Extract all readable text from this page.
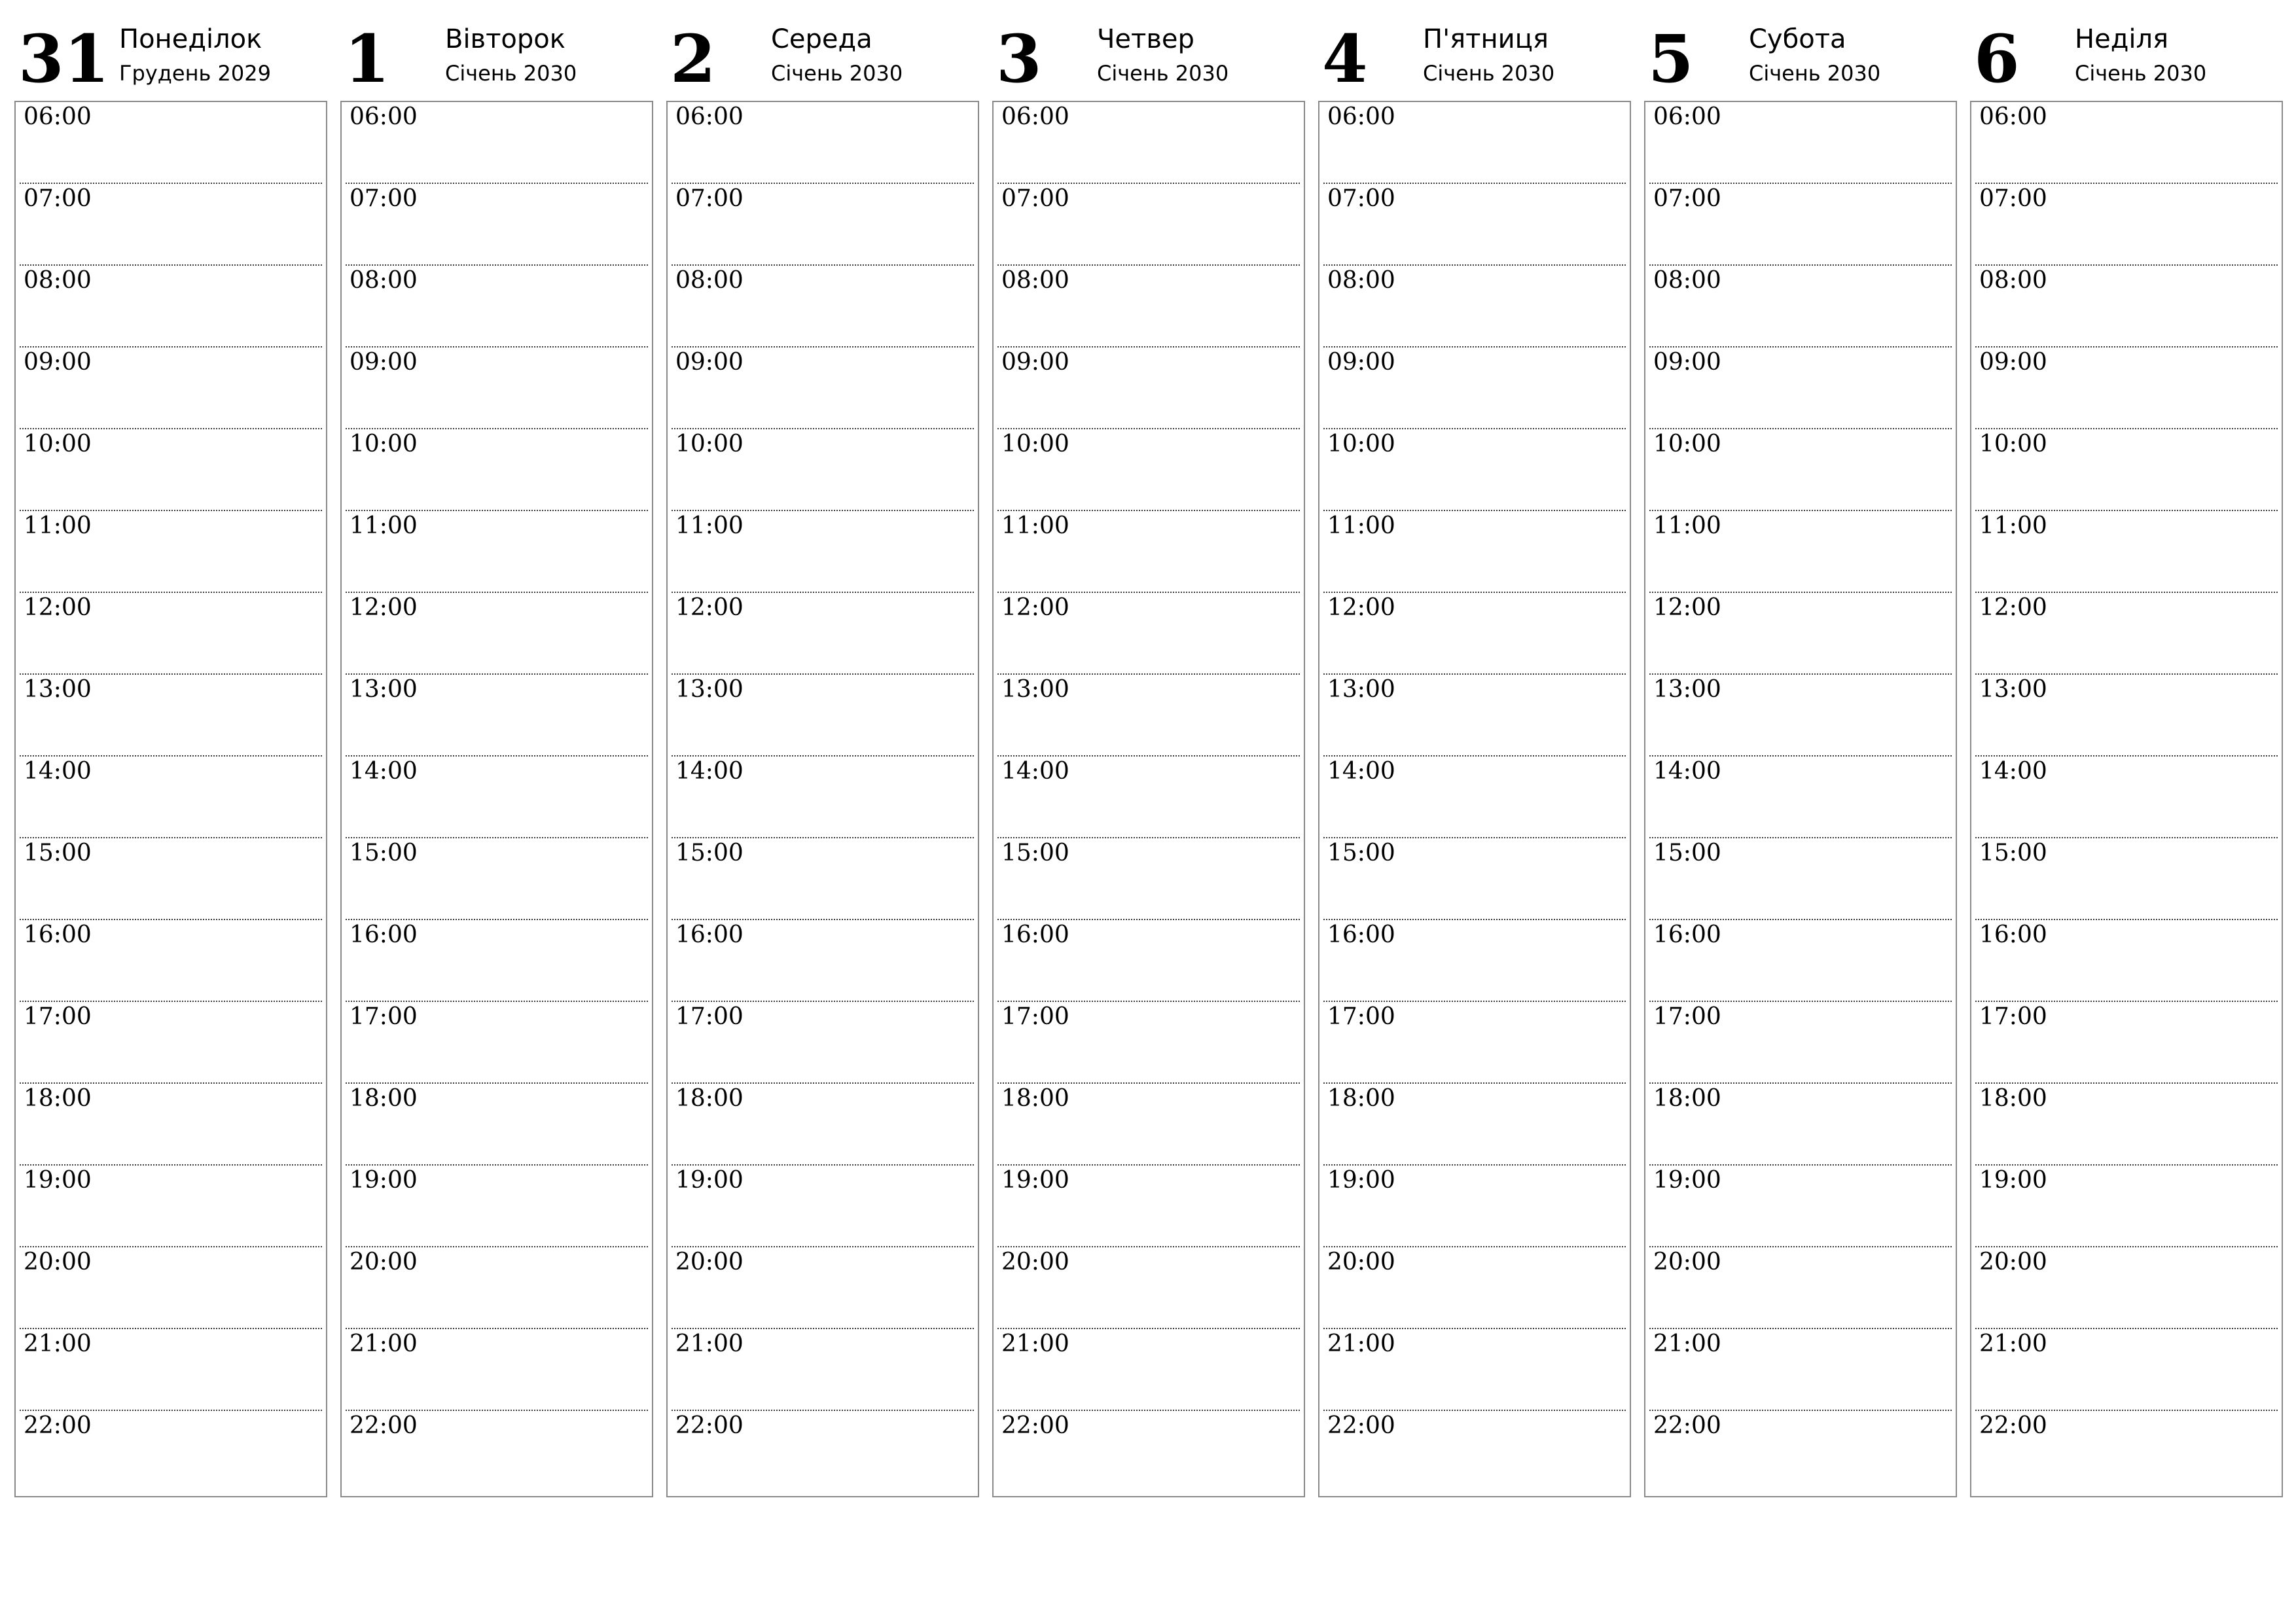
31 Понеділок
Грудень 2029
06:00
07:00
08:00
09:00
10:00
11:00
12:00
13:00
14:00
15:00
16:00
17:00
18:00
19:00
20:00
21:00
22:00
1 Вівторок
Січень 2030
06:00
07:00
08:00
09:00
10:00
11:00
12:00
13:00
14:00
15:00
16:00
17:00
18:00
19:00
20:00
21:00
22:00
2 Середа
Січень 2030
06:00
07:00
08:00
09:00
10:00
11:00
12:00
13:00
14:00
15:00
16:00
17:00
18:00
19:00
20:00
21:00
22:00
3 Четвер
Січень 2030
06:00
07:00
08:00
09:00
10:00
11:00
12:00
13:00
14:00
15:00
16:00
17:00
18:00
19:00
20:00
21:00
22:00
4 П'ятниця
Січень 2030
06:00
07:00
08:00
09:00
10:00
11:00
12:00
13:00
14:00
15:00
16:00
17:00
18:00
19:00
20:00
21:00
22:00
5 Субота
Січень 2030
06:00
07:00
08:00
09:00
10:00
11:00
12:00
13:00
14:00
15:00
16:00
17:00
18:00
19:00
20:00
21:00
22:00
6 Неділя
Січень 2030
06:00
07:00
08:00
09:00
10:00
11:00
12:00
13:00
14:00
15:00
16:00
17:00
18:00
19:00
20:00
21:00
22:00
